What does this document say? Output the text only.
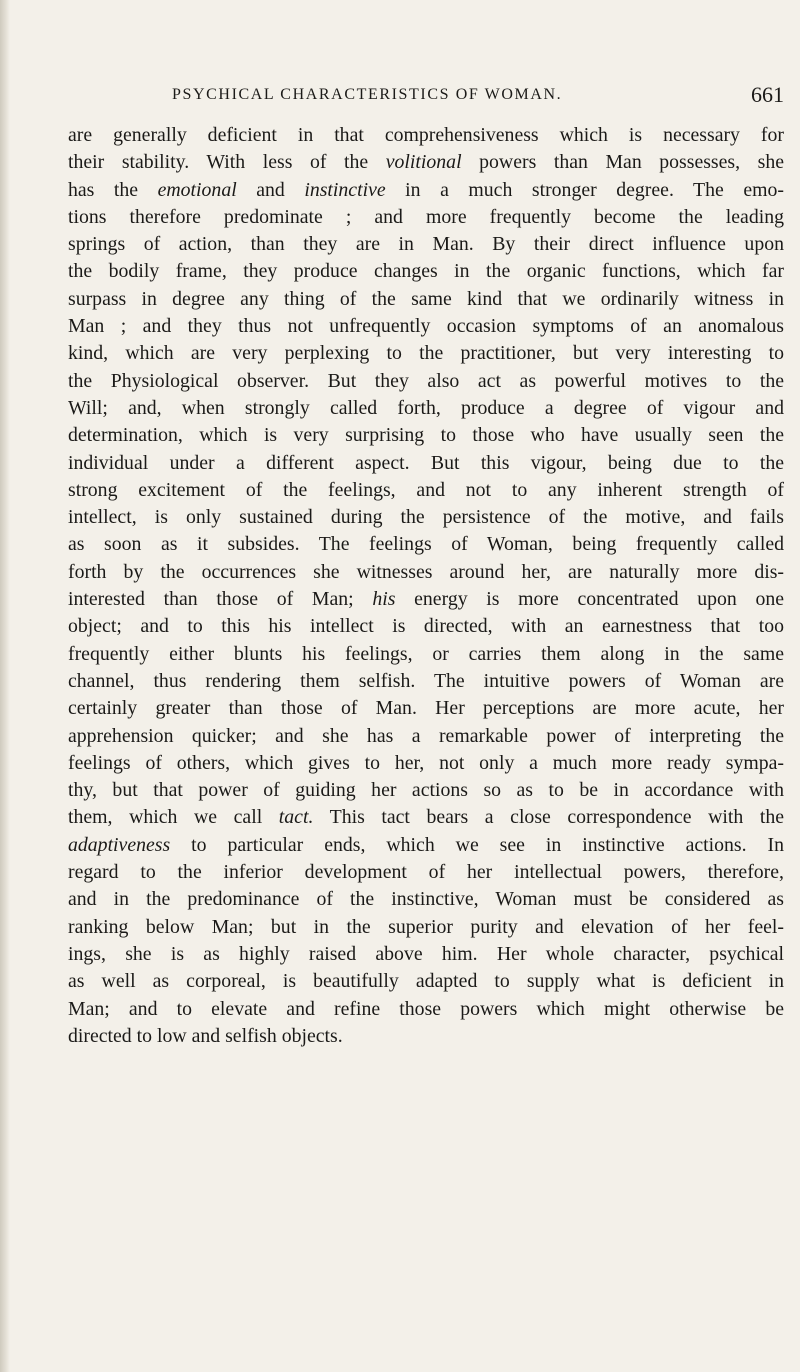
PSYCHICAL CHARACTERISTICS OF WOMAN.	661
are generally deficient in that comprehensiveness which is necessary for
their stability. With less of the volitional powers than Man possesses, she
has the emotional and instinctive in a much stronger degree. The emo-
tions therefore predominate ; and more frequently become the leading
springs of action, than they are in Man. By their direct influence upon
the bodily frame, they produce changes in the organic functions, which far
surpass in degree any thing of the same kind that we ordinarily witness in
Man ; and they thus not unfrequently occasion symptoms of an anomalous
kind, which are very perplexing to the practitioner, but very interesting to
the Physiological observer. But they also act as powerful motives to the
Will; and, when strongly called forth, produce a degree of vigour and
determination, which is very surprising to those who have usually seen the
individual under a different aspect. But this vigour, being due to the
strong excitement of the feelings, and not to any inherent strength of
intellect, is only sustained during the persistence of the motive, and fails
as soon as it subsides. The feelings of Woman, being frequently called
forth by the occurrences she witnesses around her, are naturally more dis-
interested than those of Man; his energy is more concentrated upon one
object; and to this his intellect is directed, with an earnestness that too
frequently either blunts his feelings, or carries them along in the same
channel, thus rendering them selfish. The intuitive powers of Woman are
certainly greater than those of Man. Her perceptions are more acute, her
apprehension quicker; and she has a remarkable power of interpreting the
feelings of others, which gives to her, not only a much more ready sympa-
thy, but that power of guiding her actions so as to be in accordance with
them, which we call tact. This tact bears a close correspondence with the
adaptiveness to particular ends, which we see in instinctive actions. In
regard to the inferior development of her intellectual powers, therefore,
and in the predominance of the instinctive, Woman must be considered as
ranking below Man; but in the superior purity and elevation of her feel-
ings, she is as highly raised above him. Her whole character, psychical
as well as corporeal, is beautifully adapted to supply what is deficient in
Man; and to elevate and refine those powers which might otherwise be
directed to low and selfish objects.
